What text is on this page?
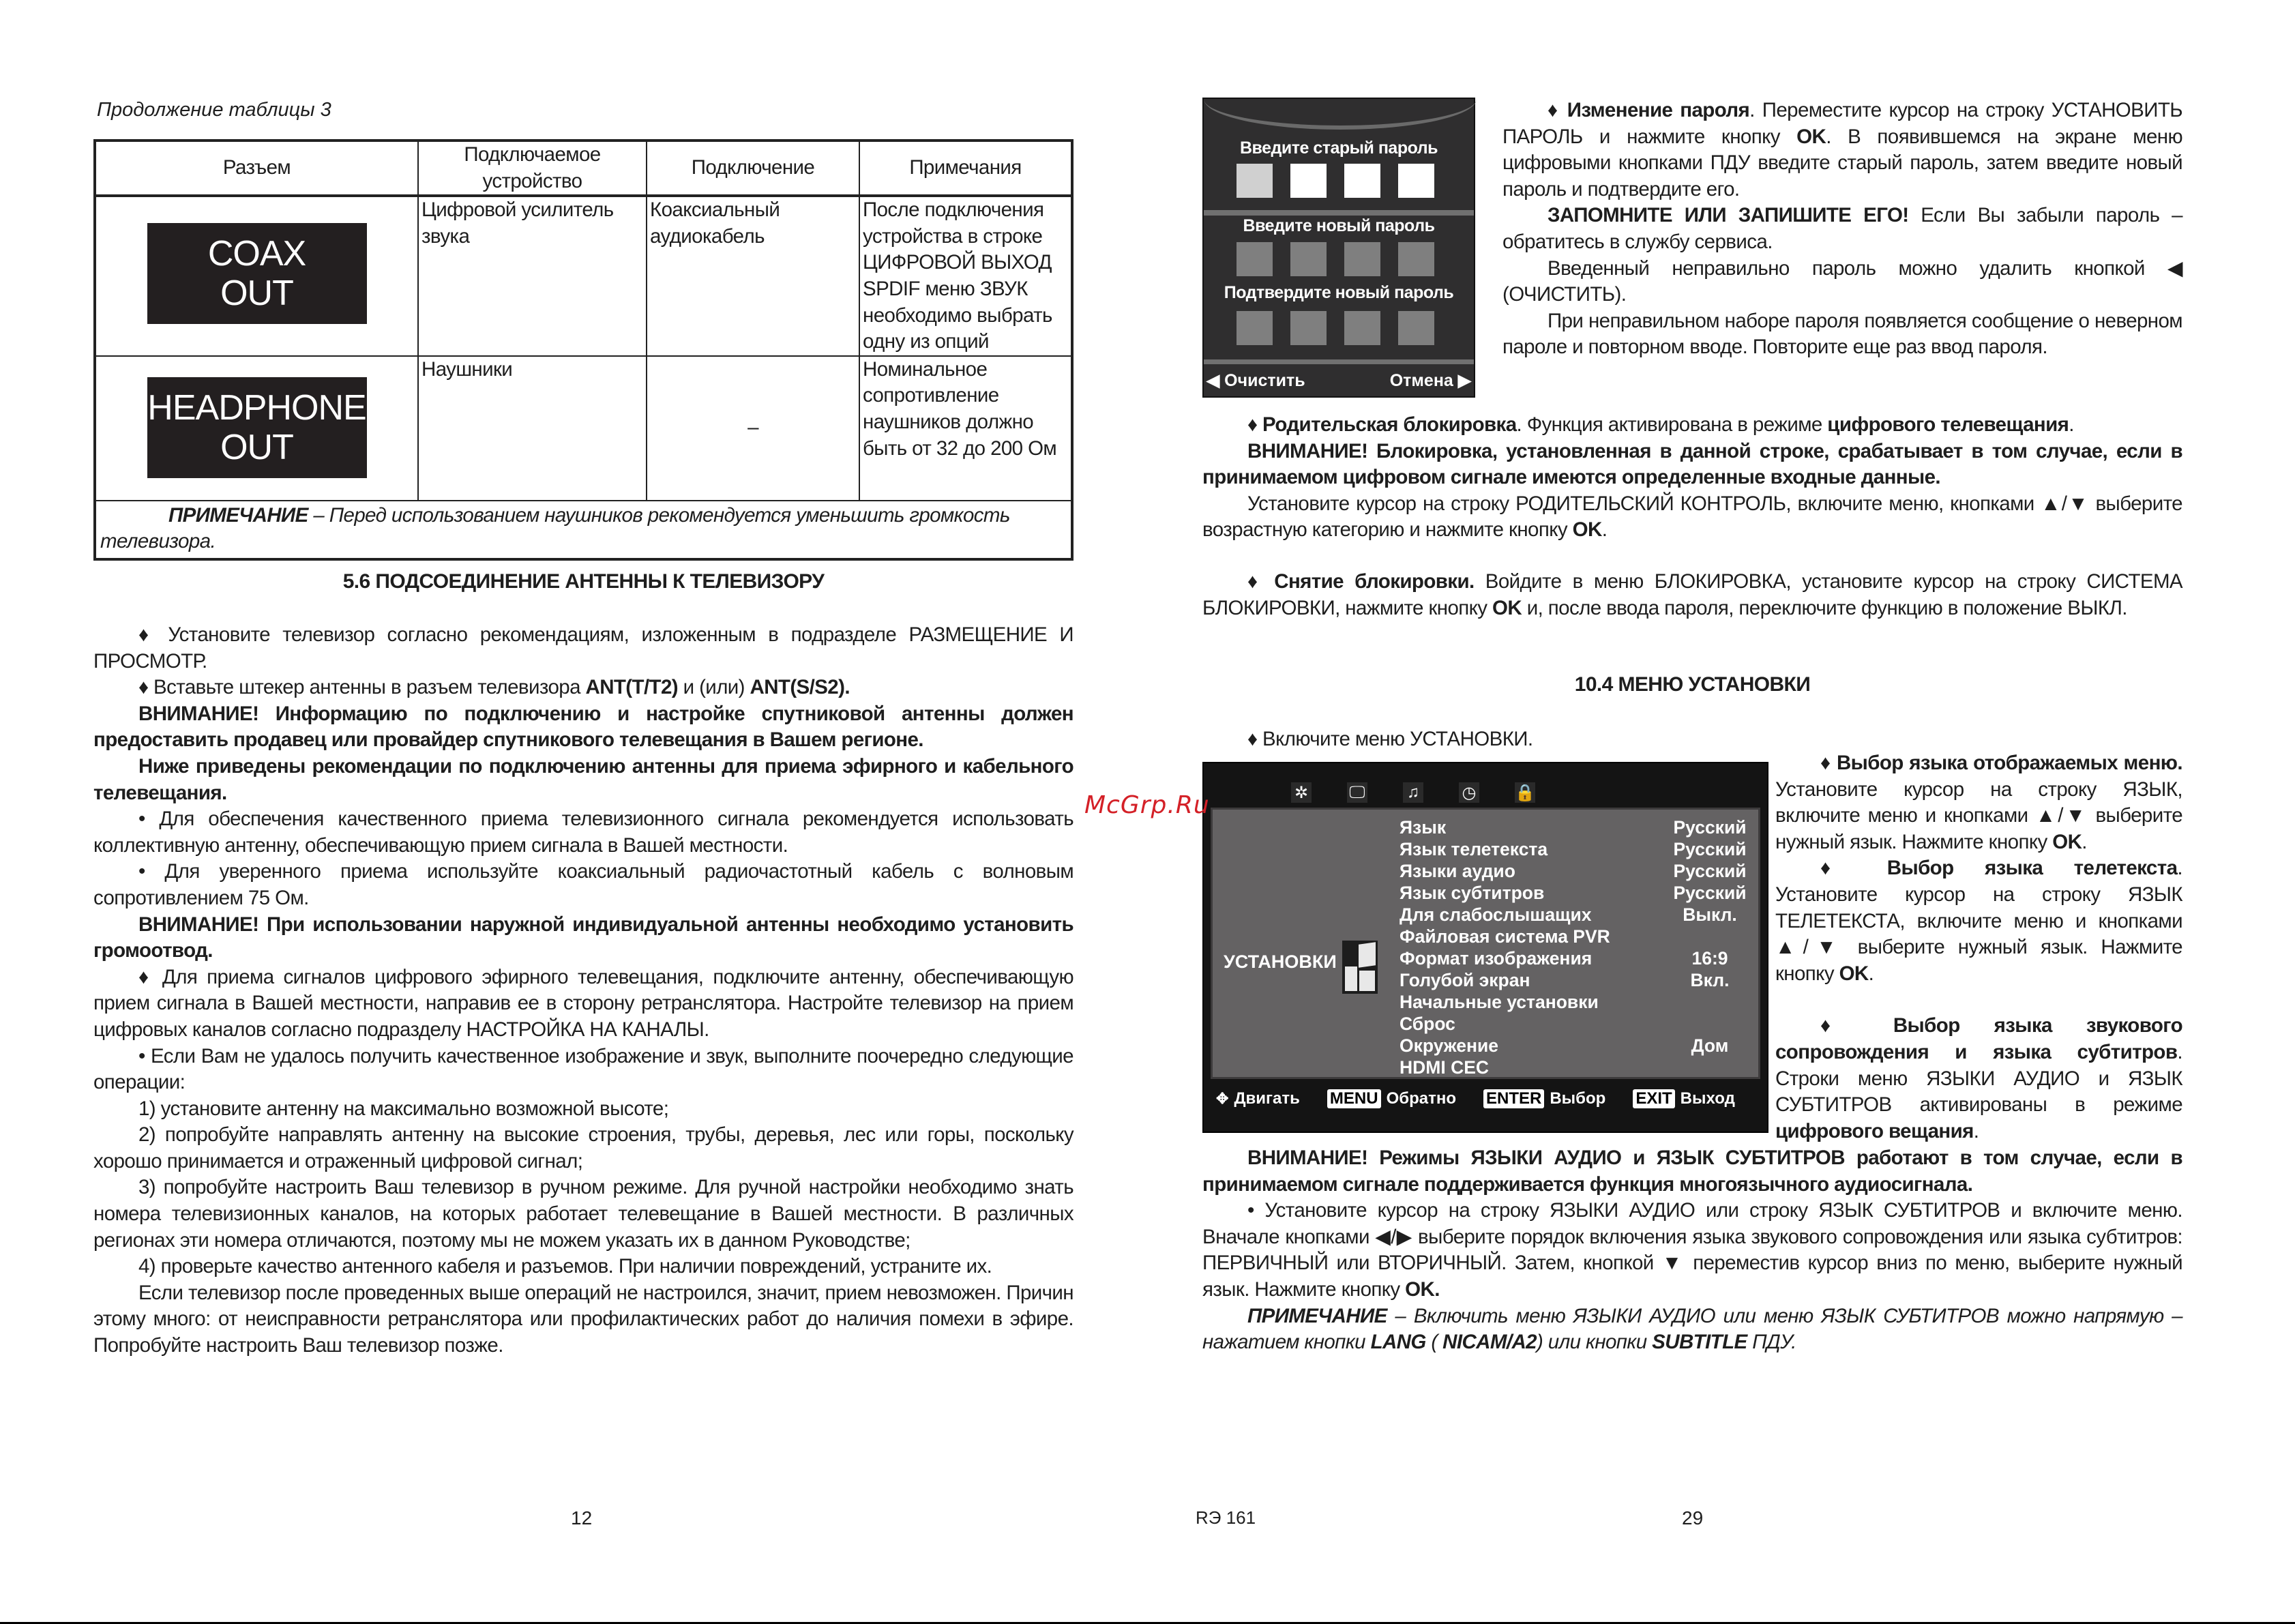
Продолжение таблицы 3
Разъем	Подключаемое устройство	Подключение	Примечания

COAX
OUT	Цифровой усилитель звука	Коаксиальный аудиокабель	После подключения устройства в строке ЦИФРОВОЙ ВЫХОД SPDIF меню ЗВУК необходимо выбрать одну из опций

HEADPHONE
OUT	Наушники	–	Номинальное сопротивление наушников должно быть от 32 до 200 Ом
ПРИМЕЧАНИЕ – Перед использованием наушников рекомендуется уменьшить громкость телевизора.			
5.6 ПОДСОЕДИНЕНИЕ АНТЕННЫ К ТЕЛЕВИЗОРУ

♦ Установите телевизор согласно рекомендациям, изложенным в подразделе РАЗМЕЩЕНИЕ И ПРОСМОТР.

♦ Вставьте штекер антенны в разъем телевизора ANT(T/T2) и (или) ANT(S/S2).

ВНИМАНИЕ! Информацию по подключению и настройке спутниковой антенны должен предоставить продавец или провайдер спутникового телевещания в Вашем регионе.

Ниже приведены рекомендации по подключению антенны для приема эфирного и кабельного телевещания.

• Для обеспечения качественного приема телевизионного сигнала рекомендуется использовать коллективную антенну, обеспечивающую прием сигнала в Вашей местности.

• Для уверенного приема используйте коаксиальный радиочастотный кабель с волновым сопротивлением 75 Ом.

ВНИМАНИЕ! При использовании наружной индивидуальной антенны необходимо установить громоотвод.

♦ Для приема сигналов цифрового эфирного телевещания, подключите антенну, обеспечивающую прием сигнала в Вашей местности, направив ее в сторону ретранслятора. Настройте телевизор на прием цифровых каналов согласно подразделу НАСТРОЙКА НА КАНАЛЫ.

• Если Вам не удалось получить качественное изображение и звук, выполните поочередно следующие операции:

1) установите антенну на максимально возможной высоте;

2) попробуйте направлять антенну на высокие строения, трубы, деревья, лес или горы, поскольку хорошо принимается и отраженный цифровой сигнал;

3) попробуйте настроить Ваш телевизор в ручном режиме. Для ручной настройки необходимо знать номера телевизионных каналов, на которых работает телевещание в Вашей местности. В различных регионах эти номера отличаются, поэтому мы не можем указать их в данном Руководстве;

4) проверьте качество антенного кабеля и разъемов. При наличии повреждений, устраните их.

Если телевизор после проведенных выше операций не настроился, значит, прием невозможен. Причин этому много: от неисправности ретранслятора или профилактических работ до наличия помехи в эфире. Попробуйте настроить Ваш телевизор позже.

Введите старый пароль
Введите новый пароль
Подтвердите новый пароль
◀ Очистить	Отмена ▶

♦ Изменение пароля. Переместите курсор на строку УСТАНОВИТЬ ПАРОЛЬ и нажмите кнопку OK. В появившемся на экране меню цифровыми кнопками ПДУ введите старый пароль, затем введите новый пароль и подтвердите его.

ЗАПОМНИТЕ ИЛИ ЗАПИШИТЕ ЕГО! Если Вы забыли пароль – обратитесь в службу сервиса.

Введенный неправильно пароль можно удалить кнопкой ◀ (ОЧИСТИТЬ).

При неправильном наборе пароля появляется сообщение о неверном пароле и повторном вводе. Повторите еще раз ввод пароля.

♦ Родительская блокировка. Функция активирована в режиме цифрового телевещания.

ВНИМАНИЕ! Блокировка, установленная в данной строке, срабатывает в том случае, если в принимаемом цифровом сигнале имеются определенные входные данные.

Установите курсор на строку РОДИТЕЛЬСКИЙ КОНТРОЛЬ, включите меню, кнопками ▲/▼ выберите возрастную категорию и нажмите кнопку OK.

♦ Снятие блокировки. Войдите в меню БЛОКИРОВКА, установите курсор на строку СИСТЕМА БЛОКИРОВКИ, нажмите кнопку OK и, после ввода пароля, переключите функцию в положение ВЫКЛ.

10.4 МЕНЮ УСТАНОВКИ
♦ Включите меню УСТАНОВКИ.
✲	🖵	♫	◷ 🔒
УСТАНОВКИ
Язык	Русский
Язык телетекста	Русский
Языки аудио	Русский
Язык субтитров	Русский
Для слабослышащих	Выкл.
Файловая система PVR
Формат изображения	16:9
Голубой экран	Вкл.
Начальные установки
Сброс
Окружение	Дом
HDMI CEC
✥ Двигать MENU Обратно ENTER Выбор EXIT Выход

♦ Выбор языка отображаемых меню. Установите курсор на строку ЯЗЫК, включите меню и кнопками ▲/▼ выберите нужный язык. Нажмите кнопку OK.

♦ Выбор языка телетекста. Установите курсор на строку ЯЗЫК ТЕЛЕТЕКСТА, включите меню и кнопками ▲/▼ выберите нужный язык. Нажмите кнопку OK.

♦ Выбор языка звукового сопровождения и языка субтитров. Строки меню ЯЗЫКИ АУДИО и ЯЗЫК СУБТИТРОВ активированы в режиме цифрового вещания.

ВНИМАНИЕ! Режимы ЯЗЫКИ АУДИО и ЯЗЫК СУБТИТРОВ работают в том случае, если в принимаемом сигнале поддерживается функция многоязычного аудиосигнала.

• Установите курсор на строку ЯЗЫКИ АУДИО или строку ЯЗЫК СУБТИТРОВ и включите меню. Вначале кнопками ◀/▶ выберите порядок включения языка звукового сопровождения или языка субтитров: ПЕРВИЧНЫЙ или ВТОРИЧНЫЙ. Затем, кнопкой ▼ переместив курсор вниз по меню, выберите нужный язык. Нажмите кнопку OK.

ПРИМЕЧАНИЕ – Включить меню ЯЗЫКИ АУДИО или меню ЯЗЫК СУБТИТРОВ можно напрямую – нажатием кнопки LANG ( NICAM/A2) или кнопки SUBTITLE ПДУ.

McGrp.Ru
12	RЭ 161	29
